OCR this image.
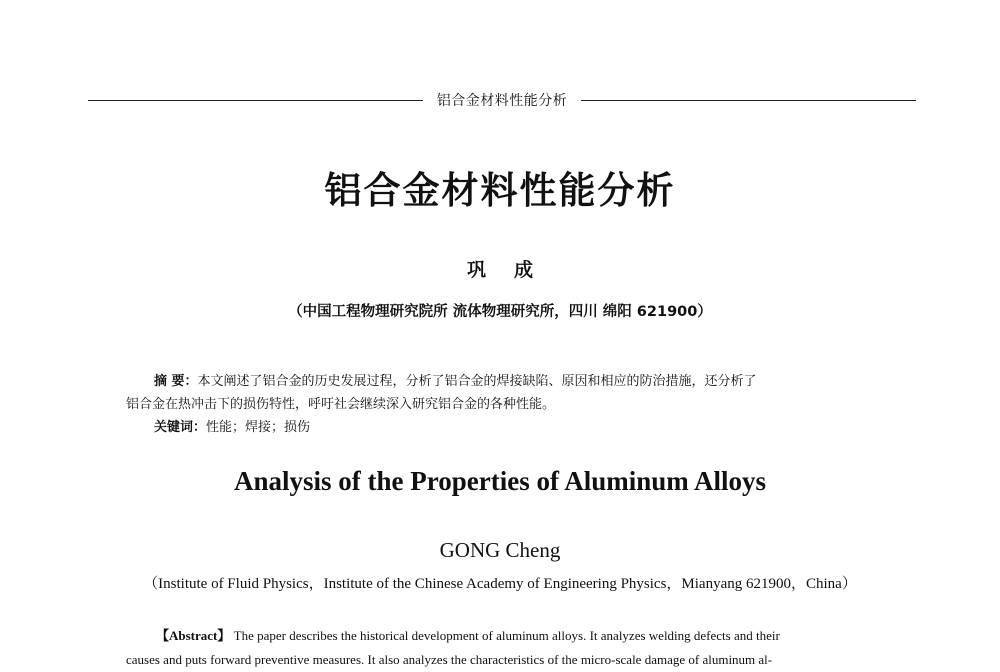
铝合金材料性能分析
铝合金材料性能分析
巩成
（中国工程物理研究院所 流体物理研究所，四川 绵阳 621900）
摘 要：本文阐述了铝合金的历史发展过程，分析了铝合金的焊接缺陷、原因和相应的防治措施，还分析了
铝合金在热冲击下的损伤特性，呼吁社会继续深入研究铝合金的各种性能。
关键词：性能；焊接；损伤
Analysis of the Properties of Aluminum Alloys
GONG Cheng
（Institute of Fluid Physics，Institute of the Chinese Academy of Engineering Physics，Mianyang 621900，China）
【Abstract】 The paper describes the historical development of aluminum alloys. It analyzes welding defects and their
causes and puts forward preventive measures. It also analyzes the characteristics of the micro-scale damage of aluminum al-
